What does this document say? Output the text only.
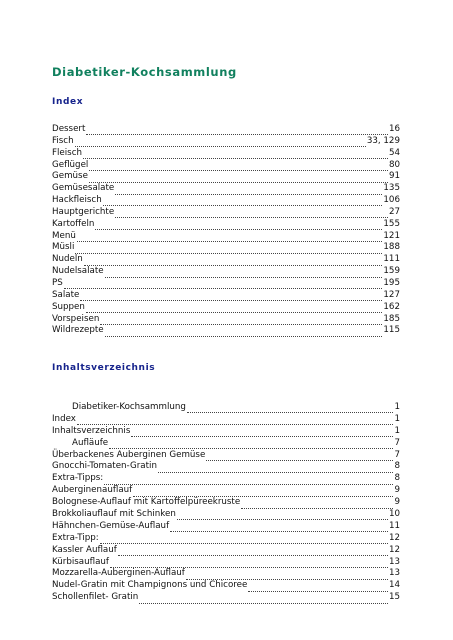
Diabetiker-Kochsammlung
Index
Dessert	16
Fisch	33, 129
Fleisch	54
Geflügel	80
Gemüse	91
Gemüsesalate	135
Hackfleisch	106
Hauptgerichte	27
Kartoffeln	155
Menü	121
Müsli	188
Nudeln	111
Nudelsalate	159
PS	195
Salate	127
Suppen	162
Vorspeisen	185
Wildrezepte	115
Inhaltsverzeichnis
Diabetiker-Kochsammlung	1
Index	1
Inhaltsverzeichnis	1
Aufläufe	7
Überbackenes Auberginen Gemüse	7
Gnocchi-Tomaten-Gratin	8
Extra-Tipps:	8
Auberginenauflauf	9
Bolognese-Auflauf mit Kartoffelpüreekruste	9
Brokkoliauflauf mit Schinken	10
Hähnchen-Gemüse-Auflauf	11
Extra-Tipp:	12
Kassler Auflauf	12
Kürbisauflauf	13
Mozzarella-Auberginen-Auflauf	13
Nudel-Gratin mit Champignons und Chicoree	14
Schollenfilet- Gratin	15
